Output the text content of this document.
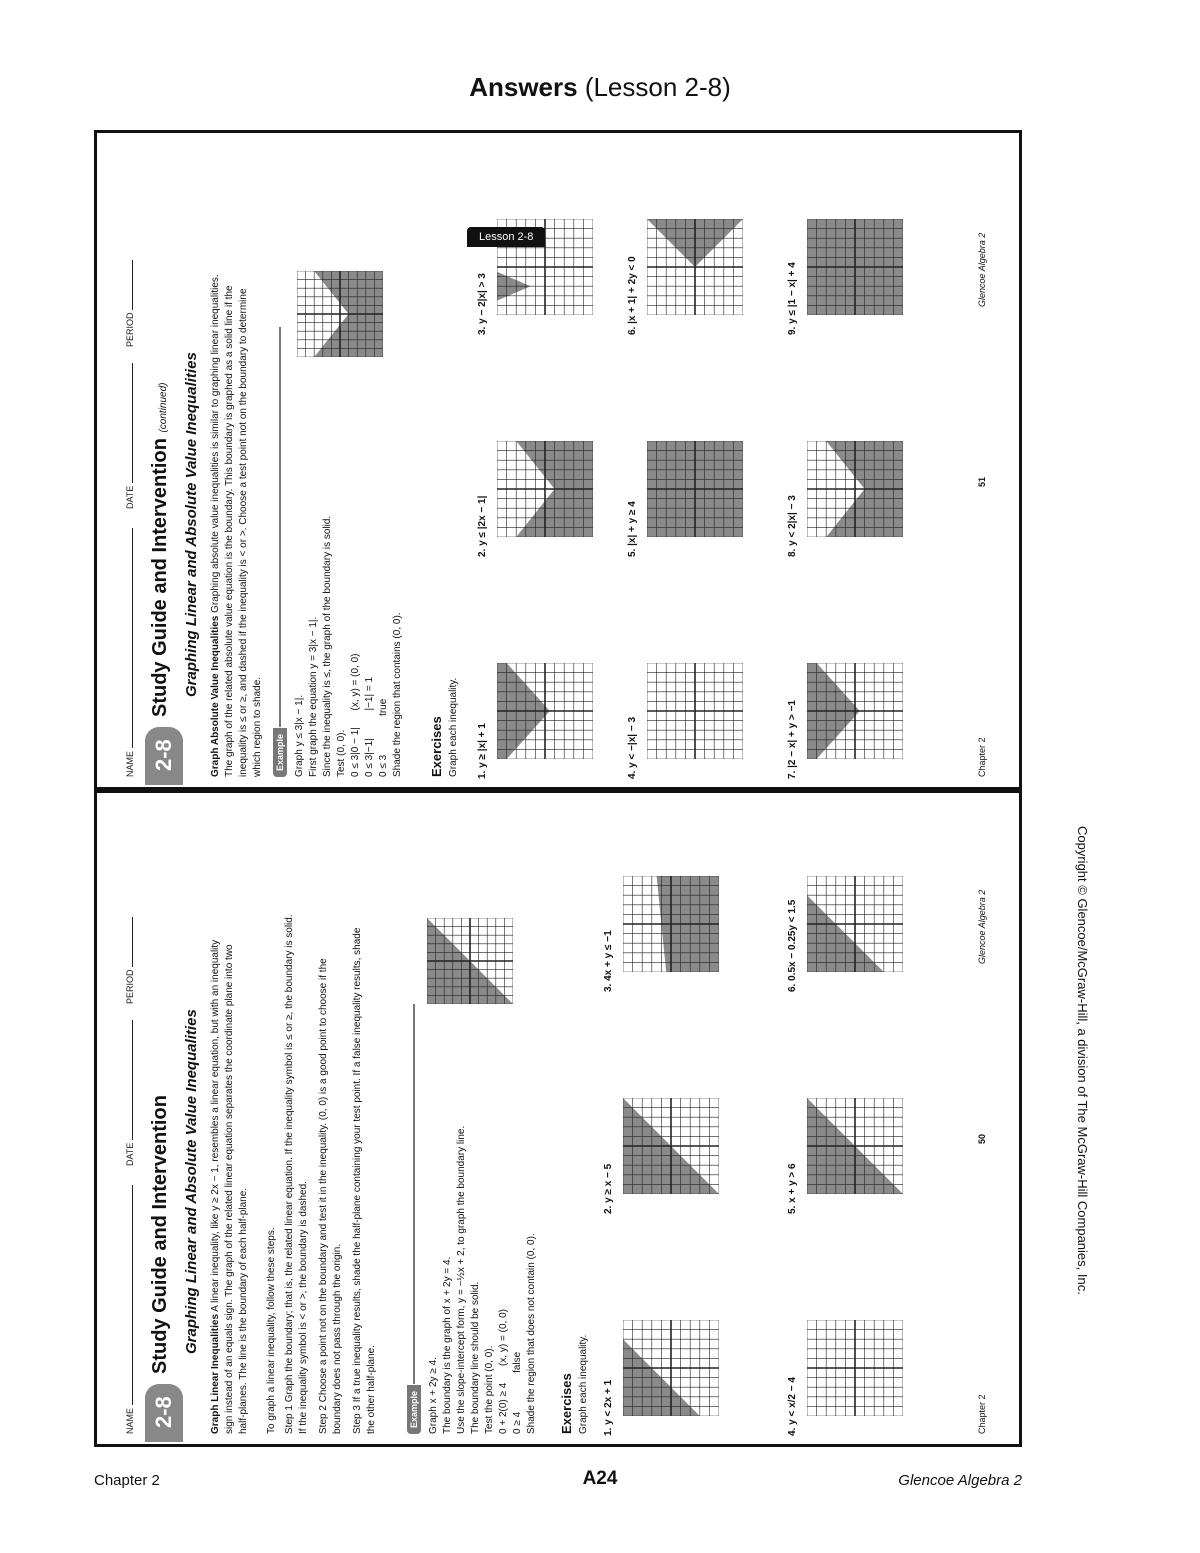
Answers (Lesson 2-8)
NAME
DATE
PERIOD
2-8
Study Guide and Intervention (continued) Graphing Linear and Absolute Value Inequalities Graph Absolute Value Inequalities Graphing absolute value inequalities is similar to graphing linear inequalities. The graph of the related absolute value equation is the boundary. This boundary is graphed as a solid line if the inequality is ≤ or ≥, and dashed if the inequality is < or >. Choose a test point not on the boundary to determine which region to shade. Example Graph y ≤ 3|x − 1|. First graph the equation y = 3|x − 1|. Since the inequality is ≤, the graph of the boundary is solid. Test (0, 0). 0 ≤ 3|0 − 1|      (x, y) = (0, 0) 0 ≤ 3|−1|          |−1| = 1 0 ≤ 3              true Shade the region that contains (0, 0). Exercises Graph each inequality. 1. y ≥ |x| + 1
2. y ≤ |2x − 1|
3. y − 2|x| > 3
4. y < −|x| − 3
5. |x| + y ≥ 4
6. |x + 1| + 2y < 0
7. |2 − x| + y > −1
8. y < 2|x| − 3
9. y ≤ |1 − x| + 4
Chapter 2
51
Glencoe Algebra 2
Lesson 2-8
NAME
DATE
PERIOD
2-8
Study Guide and Intervention Graphing Linear and Absolute Value Inequalities
Graph Linear Inequalities A linear inequality, like y ≥ 2x − 1, resembles a linear equation, but with an inequality sign instead of an equals sign. The graph of the related linear equation separates the coordinate plane into two half-planes. The line is the boundary of each half-plane. To graph a linear inequality, follow these steps. Step 1 Graph the boundary; that is, the related linear equation. If the inequality symbol is ≤ or ≥, the boundary is solid. If the inequality symbol is < or >, the boundary is dashed. Step 2 Choose a point not on the boundary and test it in the inequality. (0, 0) is a good point to choose if the boundary does not pass through the origin. Step 3 If a true inequality results, shade the half-plane containing your test point. If a false inequality results, shade the other half-plane.	Example Graph x + 2y ≥ 4. The boundary is the graph of x + 2y = 4. Use the slope-intercept form, y = −½x + 2, to graph the boundary line. The boundary line should be solid. Test the point (0, 0). 0 + 2(0) ≥ 4      (x, y) = (0, 0) 0 ≥ 4              false Shade the region that does not contain (0, 0). Exercises Graph each inequality. 1. y < 2x + 1
2. y ≥ x − 5
3. 4x + y ≤ −1
4. y < x/2 − 4
5. x + y > 6
6. 0.5x − 0.25y < 1.5
Chapter 2
50
Glencoe Algebra 2	Copyright © Glencoe/McGraw-Hill, a division of The McGraw-Hill Companies, Inc.
Chapter 2	A24	Glencoe Algebra 2
